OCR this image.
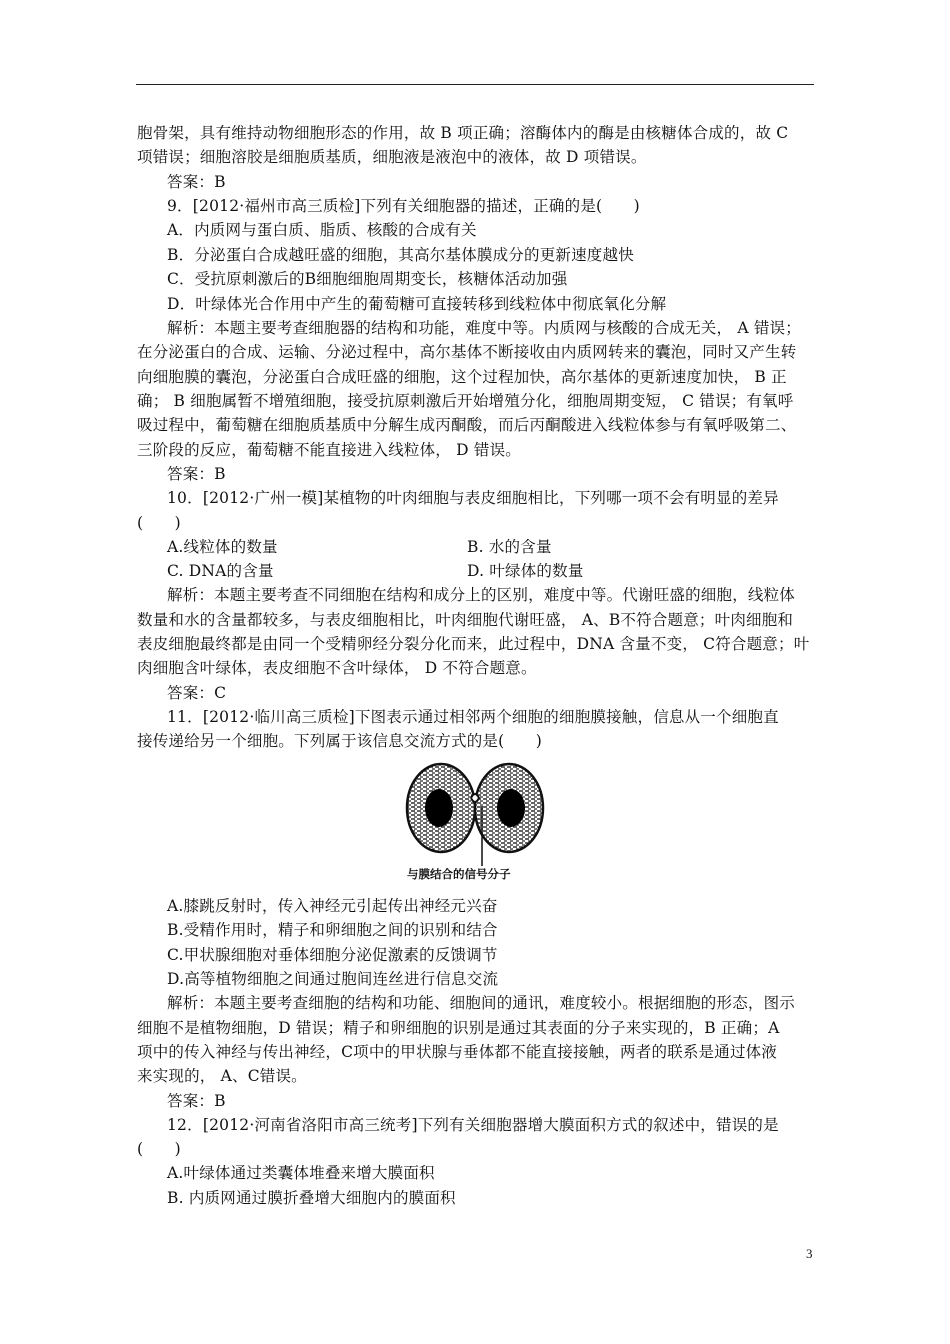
胞骨架，具有维持动物细胞形态的作用，故 B 项正确；溶酶体内的酶是由核糖体合成的，故 C
项错误；细胞溶胶是细胞质基质，细胞液是液泡中的液体，故 D 项错误。
答案：B
9．[2012·福州市高三质检]下列有关细胞器的描述，正确的是(　　)
A．内质网与蛋白质、脂质、核酸的合成有关
B．分泌蛋白合成越旺盛的细胞，其高尔基体膜成分的更新速度越快
C．受抗原刺激后的B细胞细胞周期变长，核糖体活动加强
D．叶绿体光合作用中产生的葡萄糖可直接转移到线粒体中彻底氧化分解
解析：本题主要考查细胞器的结构和功能，难度中等。内质网与核酸的合成无关， A 错误；
在分泌蛋白的合成、运输、分泌过程中，高尔基体不断接收由内质网转来的囊泡，同时又产生转
向细胞膜的囊泡，分泌蛋白合成旺盛的细胞，这个过程加快，高尔基体的更新速度加快， B 正
确； B 细胞属暂不增殖细胞，接受抗原刺激后开始增殖分化，细胞周期变短， C 错误；有氧呼
吸过程中，葡萄糖在细胞质基质中分解生成丙酮酸，而后丙酮酸进入线粒体参与有氧呼吸第二、
三阶段的反应，葡萄糖不能直接进入线粒体， D 错误。
答案：B
10．[2012·广州一模]某植物的叶肉细胞与表皮细胞相比，下列哪一项不会有明显的差异
(　　)
A.线粒体的数量	B. 水的含量
C. DNA的含量	D. 叶绿体的数量
解析：本题主要考查不同细胞在结构和成分上的区别，难度中等。代谢旺盛的细胞，线粒体
数量和水的含量都较多，与表皮细胞相比，叶肉细胞代谢旺盛， A、B不符合题意；叶肉细胞和
表皮细胞最终都是由同一个受精卵经分裂分化而来，此过程中，DNA 含量不变， C符合题意；叶
肉细胞含叶绿体，表皮细胞不含叶绿体， D 不符合题意。
答案：C
11．[2012·临川高三质检]下图表示通过相邻两个细胞的细胞膜接触，信息从一个细胞直
接传递给另一个细胞。下列属于该信息交流方式的是(　　)
与膜结合的信号分子
A.膝跳反射时，传入神经元引起传出神经元兴奋
B.受精作用时，精子和卵细胞之间的识别和结合
C.甲状腺细胞对垂体细胞分泌促激素的反馈调节
D.高等植物细胞之间通过胞间连丝进行信息交流
解析：本题主要考查细胞的结构和功能、细胞间的通讯，难度较小。根据细胞的形态，图示
细胞不是植物细胞，D 错误；精子和卵细胞的识别是通过其表面的分子来实现的，B 正确；A
项中的传入神经与传出神经，C项中的甲状腺与垂体都不能直接接触，两者的联系是通过体液
来实现的， A、C错误。
答案：B
12．[2012·河南省洛阳市高三统考]下列有关细胞器增大膜面积方式的叙述中，错误的是
(　　)
A.叶绿体通过类囊体堆叠来增大膜面积
B. 内质网通过膜折叠增大细胞内的膜面积
3
